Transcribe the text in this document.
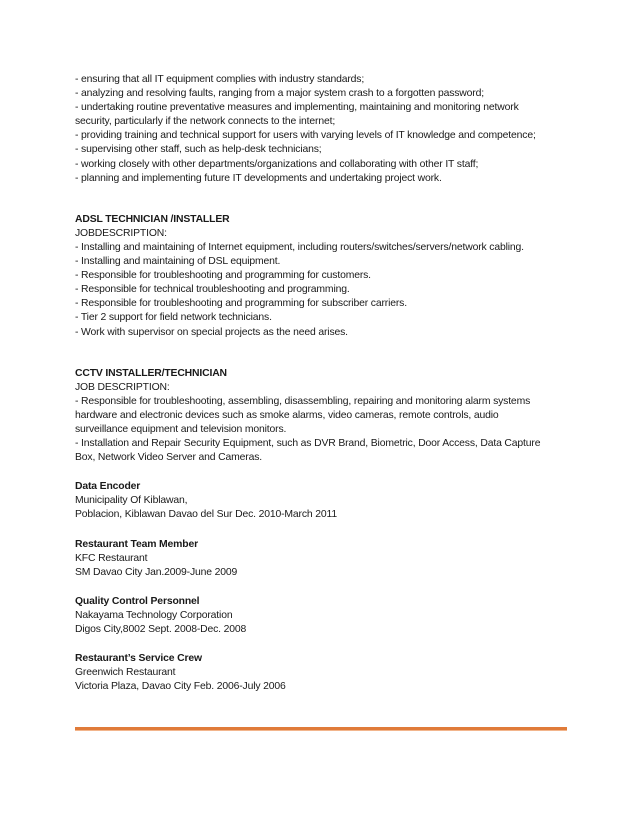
- ensuring that all IT equipment complies with industry standards;
- analyzing and resolving faults, ranging from a major system crash to a forgotten password;
- undertaking routine preventative measures and implementing, maintaining and monitoring network
security, particularly if the network connects to the internet;
- providing training and technical support for users with varying levels of IT knowledge and competence;
- supervising other staff, such as help-desk technicians;
- working closely with other departments/organizations and collaborating with other IT staff;
- planning and implementing future IT developments and undertaking project work.
ADSL TECHNICIAN /INSTALLER
JOBDESCRIPTION:
- Installing and maintaining of Internet equipment, including routers/switches/servers/network cabling.
- Installing and maintaining of DSL equipment.
- Responsible for troubleshooting and programming for customers.
- Responsible for technical troubleshooting and programming.
- Responsible for troubleshooting and programming for subscriber carriers.
- Tier 2 support for field network technicians.
- Work with supervisor on special projects as the need arises.
CCTV INSTALLER/TECHNICIAN
JOB DESCRIPTION:
- Responsible for troubleshooting, assembling, disassembling, repairing and monitoring alarm systems
hardware and electronic devices such as smoke alarms, video cameras, remote controls, audio
surveillance equipment and television monitors.
- Installation and Repair Security Equipment, such as DVR Brand, Biometric, Door Access, Data Capture
Box, Network Video Server and Cameras.
Data Encoder
Municipality Of Kiblawan,
Poblacion, Kiblawan Davao del Sur Dec. 2010-March 2011
Restaurant Team Member
KFC Restaurant
SM Davao City Jan.2009-June 2009
Quality Control Personnel
Nakayama Technology Corporation
Digos City,8002 Sept. 2008-Dec. 2008
Restaurant’s Service Crew
Greenwich Restaurant
Victoria Plaza, Davao City Feb. 2006-July 2006
